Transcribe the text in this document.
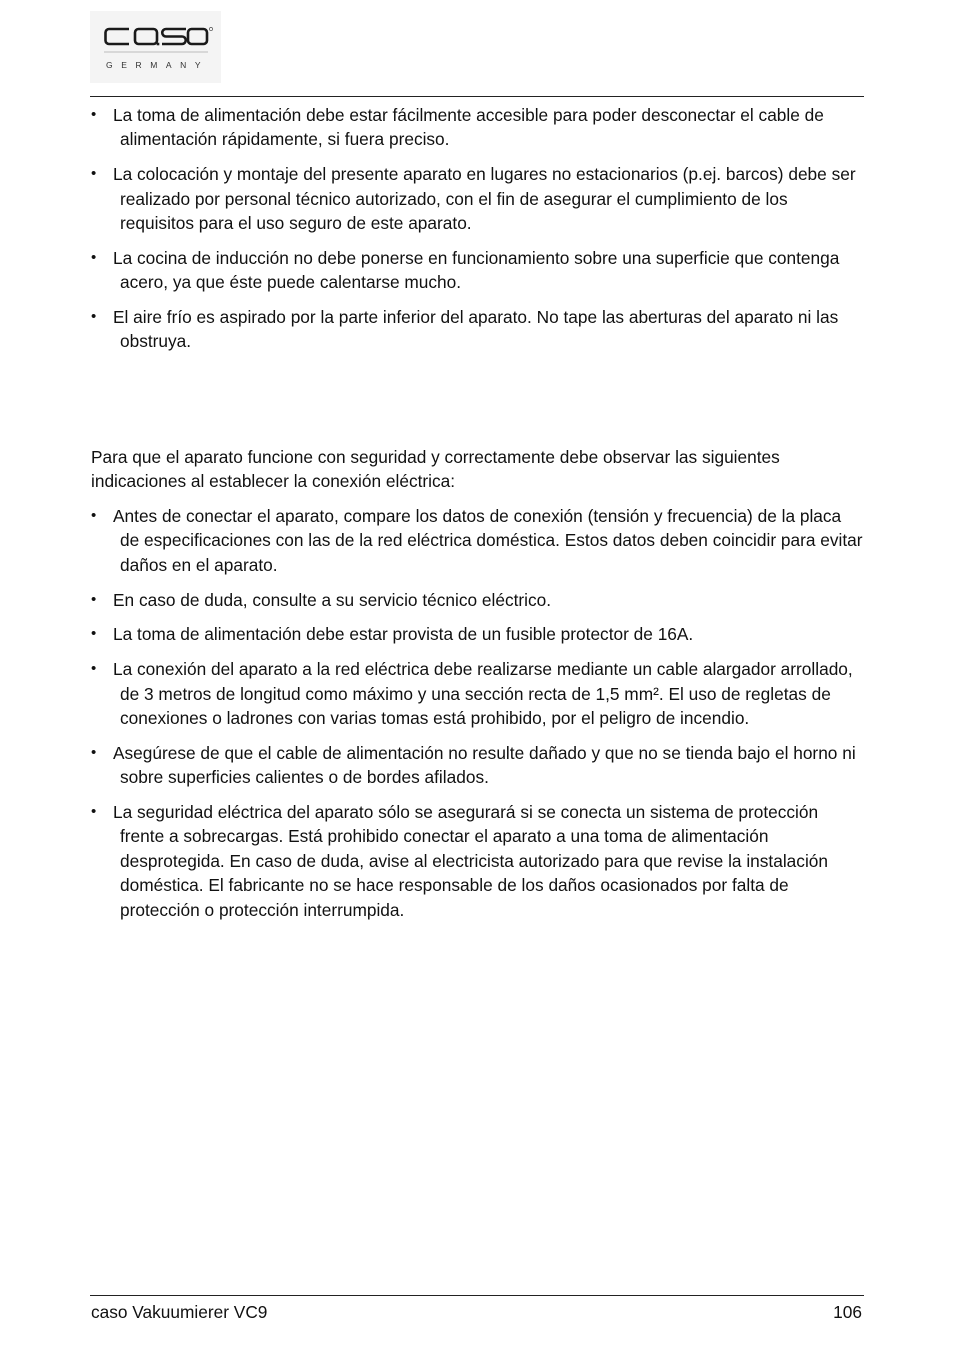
GERMANY
• La toma de alimentación debe estar fácilmente accesible para poder desconectar el cable de alimentación rápidamente, si fuera preciso.
• La colocación y montaje del presente aparato en lugares no estacionarios (p.ej. barcos) debe ser realizado por personal técnico autorizado, con el fin de asegurar el cumplimiento de los requisitos para el uso seguro de este aparato.
• La cocina de inducción no debe ponerse en funcionamiento sobre una superficie que contenga acero, ya que éste puede calentarse mucho.
• El aire frío es aspirado por la parte inferior del aparato. No tape las aberturas del aparato ni las obstruya.

Para que el aparato funcione con seguridad y correctamente debe observar las siguientes indicaciones al establecer la conexión eléctrica:

• Antes de conectar el aparato, compare los datos de conexión (tensión y frecuencia) de la placa de especificaciones con las de la red eléctrica doméstica. Estos datos deben coincidir para evitar daños en el aparato.
• En caso de duda, consulte a su servicio técnico eléctrico.
• La toma de alimentación debe estar provista de un fusible protector de 16A.
• La conexión del aparato a la red eléctrica debe realizarse mediante un cable alargador arrollado, de 3 metros de longitud como máximo y una sección recta de 1,5 mm². El uso de regletas de conexiones o ladrones con varias tomas está prohibido, por el peligro de incendio.
• Asegúrese de que el cable de alimentación no resulte dañado y que no se tienda bajo el horno ni sobre superficies calientes o de bordes afilados.
• La seguridad eléctrica del aparato sólo se asegurará si se conecta un sistema de protección frente a sobrecargas. Está prohibido conectar el aparato a una toma de alimentación desprotegida. En caso de duda, avise al electricista autorizado para que revise la instalación doméstica. El fabricante no se hace responsable de los daños ocasionados por falta de protección o protección interrumpida.
caso Vakuumierer VC9	106
